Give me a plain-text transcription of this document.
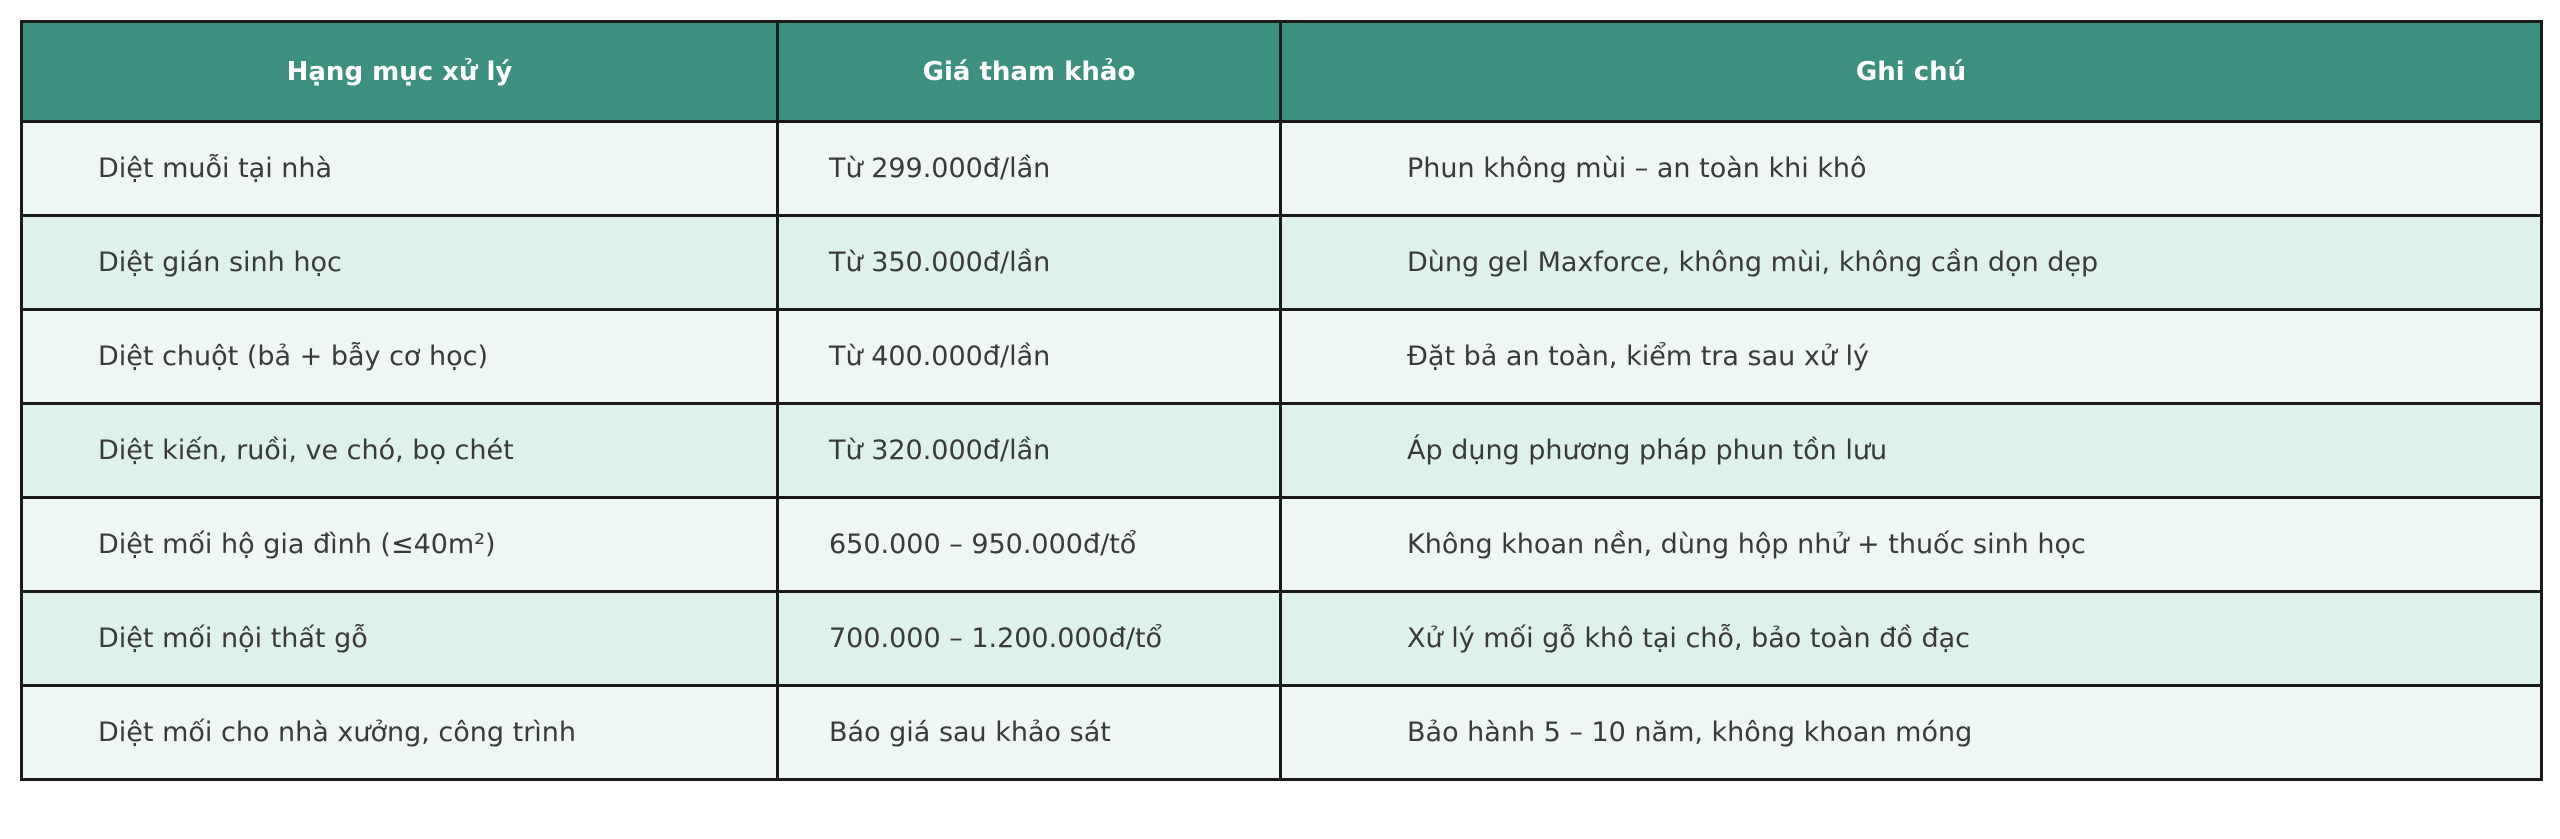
Hạng mục xử lý	Giá tham khảo	Ghi chú
Diệt muỗi tại nhà	Từ 299.000đ/lần	Phun không mùi – an toàn khi khô
Diệt gián sinh học	Từ 350.000đ/lần	Dùng gel Maxforce, không mùi, không cần dọn dẹp
Diệt chuột (bả + bẫy cơ học)	Từ 400.000đ/lần	Đặt bả an toàn, kiểm tra sau xử lý
Diệt kiến, ruồi, ve chó, bọ chét	Từ 320.000đ/lần	Áp dụng phương pháp phun tồn lưu
Diệt mối hộ gia đình (≤40m²)	650.000 – 950.000đ/tổ	Không khoan nền, dùng hộp nhử + thuốc sinh học
Diệt mối nội thất gỗ	700.000 – 1.200.000đ/tổ	Xử lý mối gỗ khô tại chỗ, bảo toàn đồ đạc
Diệt mối cho nhà xưởng, công trình	Báo giá sau khảo sát	Bảo hành 5 – 10 năm, không khoan móng
